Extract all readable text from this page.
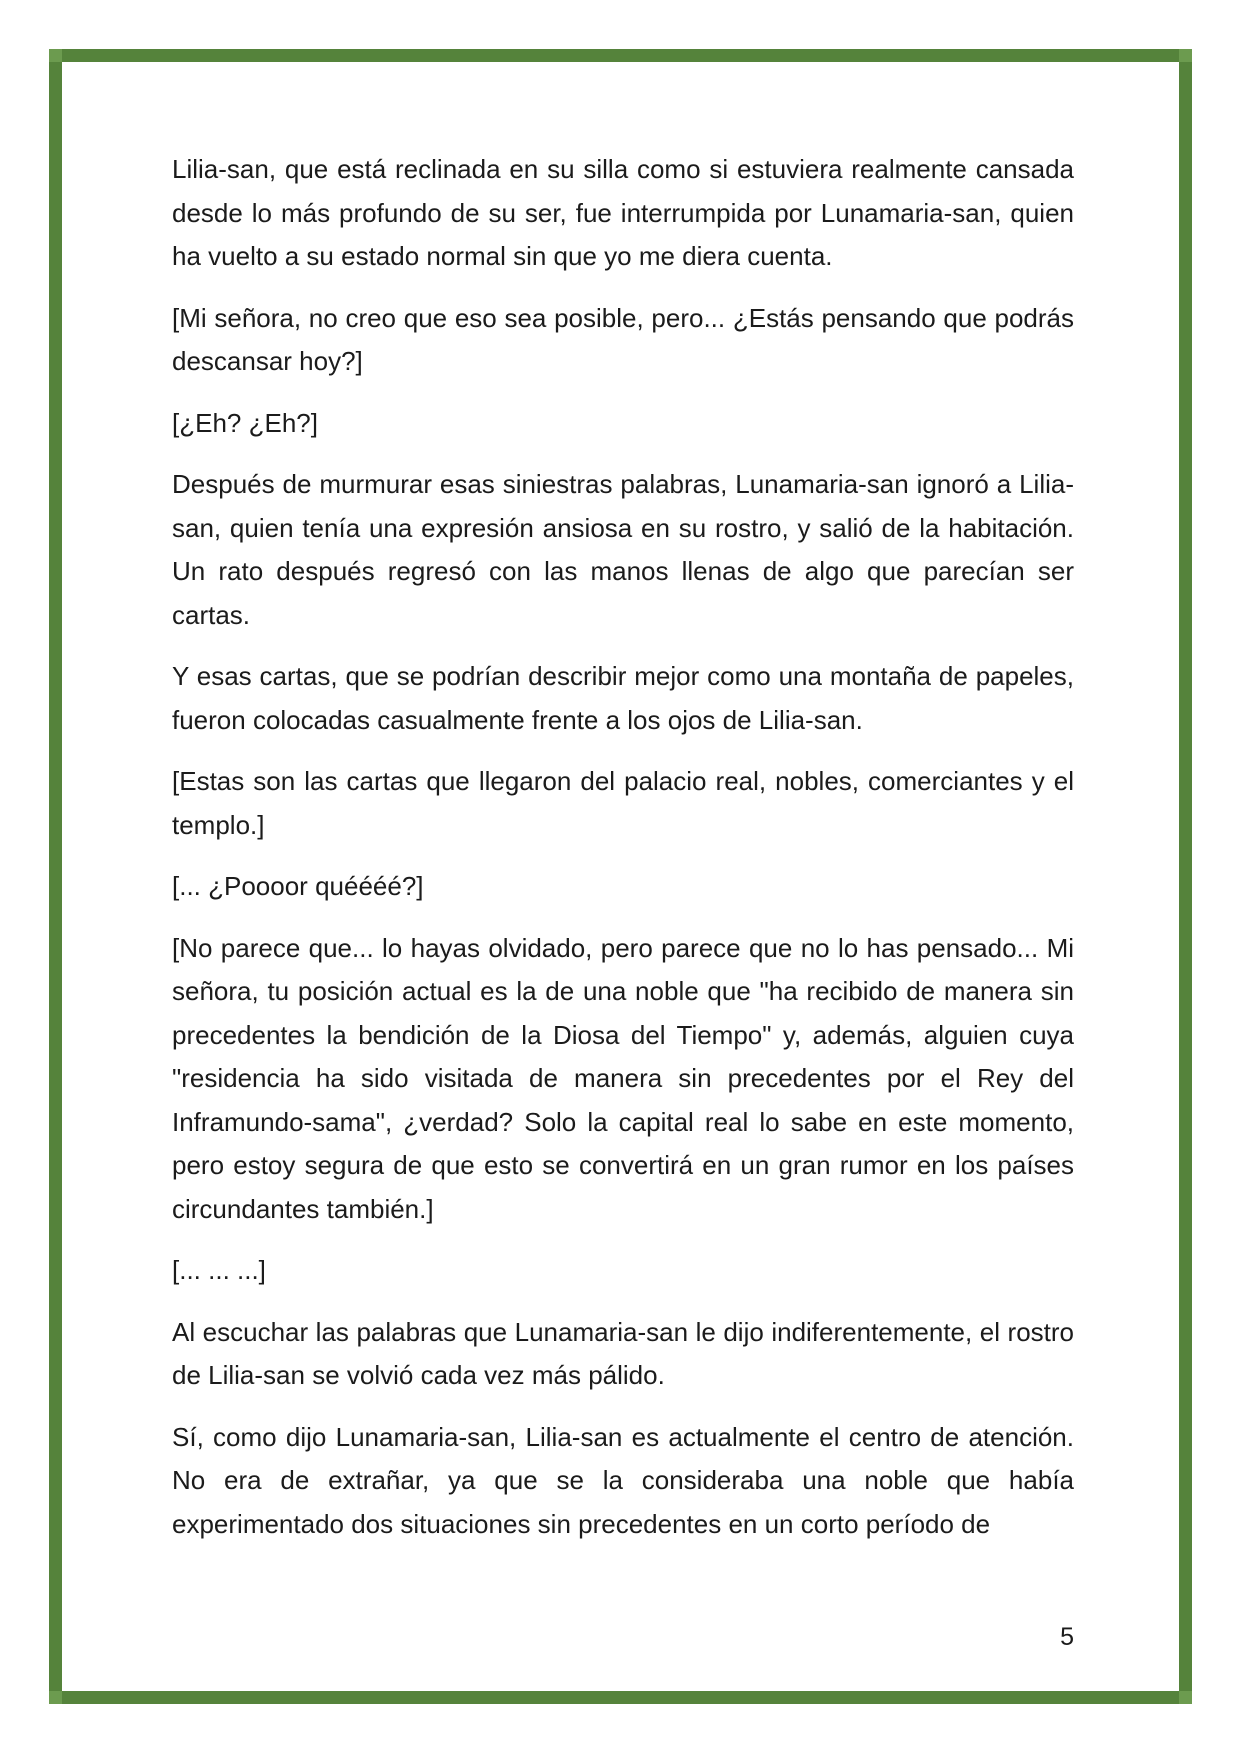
Lilia-san, que está reclinada en su silla como si estuviera realmente cansada desde lo más profundo de su ser, fue interrumpida por Lunamaria-san, quien ha vuelto a su estado normal sin que yo me diera cuenta.

[Mi señora, no creo que eso sea posible, pero... ¿Estás pensando que podrás descansar hoy?]

[¿Eh? ¿Eh?]

Después de murmurar esas siniestras palabras, Lunamaria-san ignoró a Lilia-san, quien tenía una expresión ansiosa en su rostro, y salió de la habitación. Un rato después regresó con las manos llenas de algo que parecían ser cartas.

Y esas cartas, que se podrían describir mejor como una montaña de papeles, fueron colocadas casualmente frente a los ojos de Lilia-san.

[Estas son las cartas que llegaron del palacio real, nobles, comerciantes y el templo.]

[... ¿Poooor quéééé?]

[No parece que... lo hayas olvidado, pero parece que no lo has pensado... Mi señora, tu posición actual es la de una noble que "ha recibido de manera sin precedentes la bendición de la Diosa del Tiempo" y, además, alguien cuya "residencia ha sido visitada de manera sin precedentes por el Rey del Inframundo-sama", ¿verdad? Solo la capital real lo sabe en este momento, pero estoy segura de que esto se convertirá en un gran rumor en los países circundantes también.]

[... ... ...]

Al escuchar las palabras que Lunamaria-san le dijo indiferentemente, el rostro de Lilia-san se volvió cada vez más pálido.

Sí, como dijo Lunamaria-san, Lilia-san es actualmente el centro de atención. No era de extrañar, ya que se la consideraba una noble que había experimentado dos situaciones sin precedentes en un corto período de

5
